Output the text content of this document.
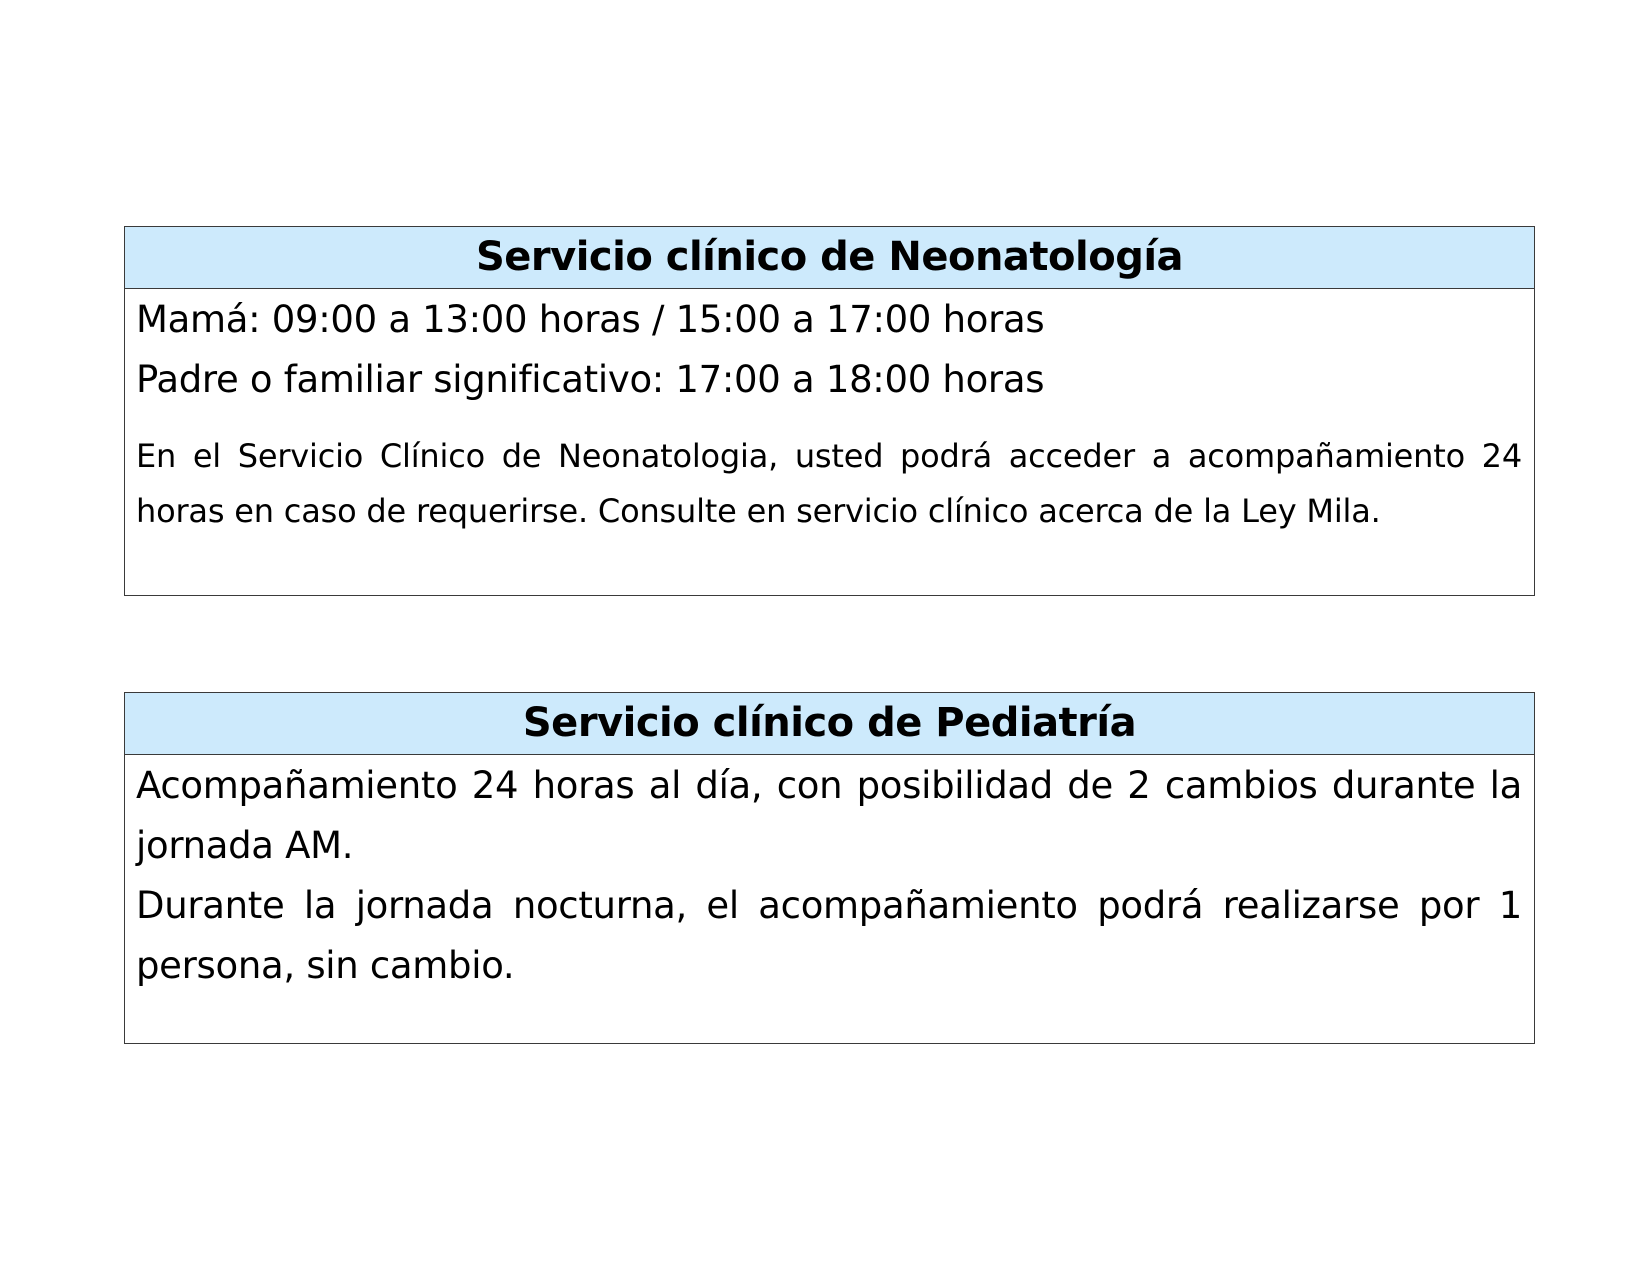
Servicio clínico de Neonatología
Mamá: 09:00 a 13:00 horas / 15:00 a 17:00 horas
Padre o familiar significativo: 17:00 a 18:00 horas
En el Servicio Clínico de Neonatologia, usted podrá acceder a acompañamiento 24 horas en caso de requerirse. Consulte en servicio clínico acerca de la Ley Mila.
Servicio clínico de Pediatría
Acompañamiento 24 horas al día, con posibilidad de 2 cambios durante la jornada AM.
Durante la jornada nocturna, el acompañamiento podrá realizarse por 1 persona, sin cambio.
